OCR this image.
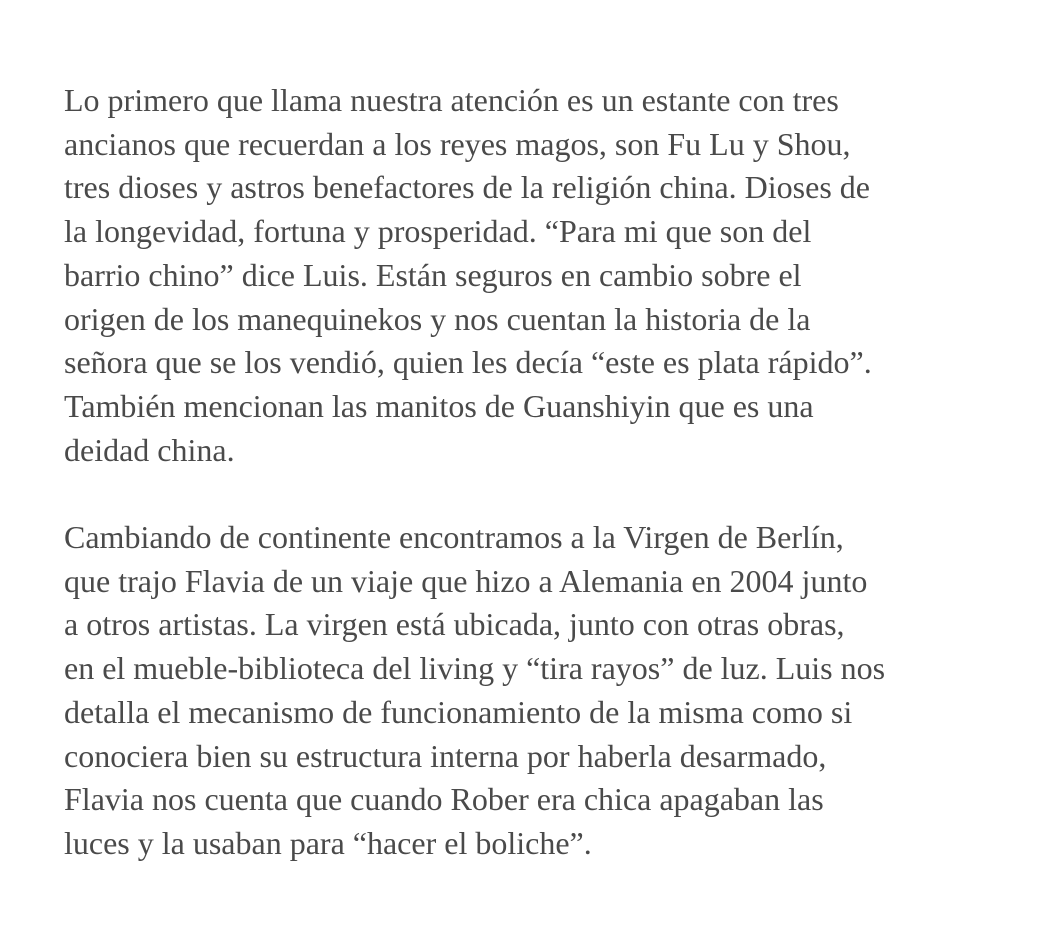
Lo primero que llama nuestra atención es un estante con tres
ancianos que recuerdan a los reyes magos, son Fu Lu y Shou,
tres dioses y astros benefactores de la religión china. Dioses de
la longevidad, fortuna y prosperidad. “Para mi que son del
barrio chino” dice Luis. Están seguros en cambio sobre el
origen de los manequinekos y nos cuentan la historia de la
señora que se los vendió, quien les decía “este es plata rápido”.
También mencionan las manitos de Guanshiyin que es una
deidad china.

Cambiando de continente encontramos a la Virgen de Berlín,
que trajo Flavia de un viaje que hizo a Alemania en 2004 junto
a otros artistas. La virgen está ubicada, junto con otras obras,
en el mueble-biblioteca del living y “tira rayos” de luz. Luis nos
detalla el mecanismo de funcionamiento de la misma como si
conociera bien su estructura interna por haberla desarmado,
Flavia nos cuenta que cuando Rober era chica apagaban las
luces y la usaban para “hacer el boliche”.
